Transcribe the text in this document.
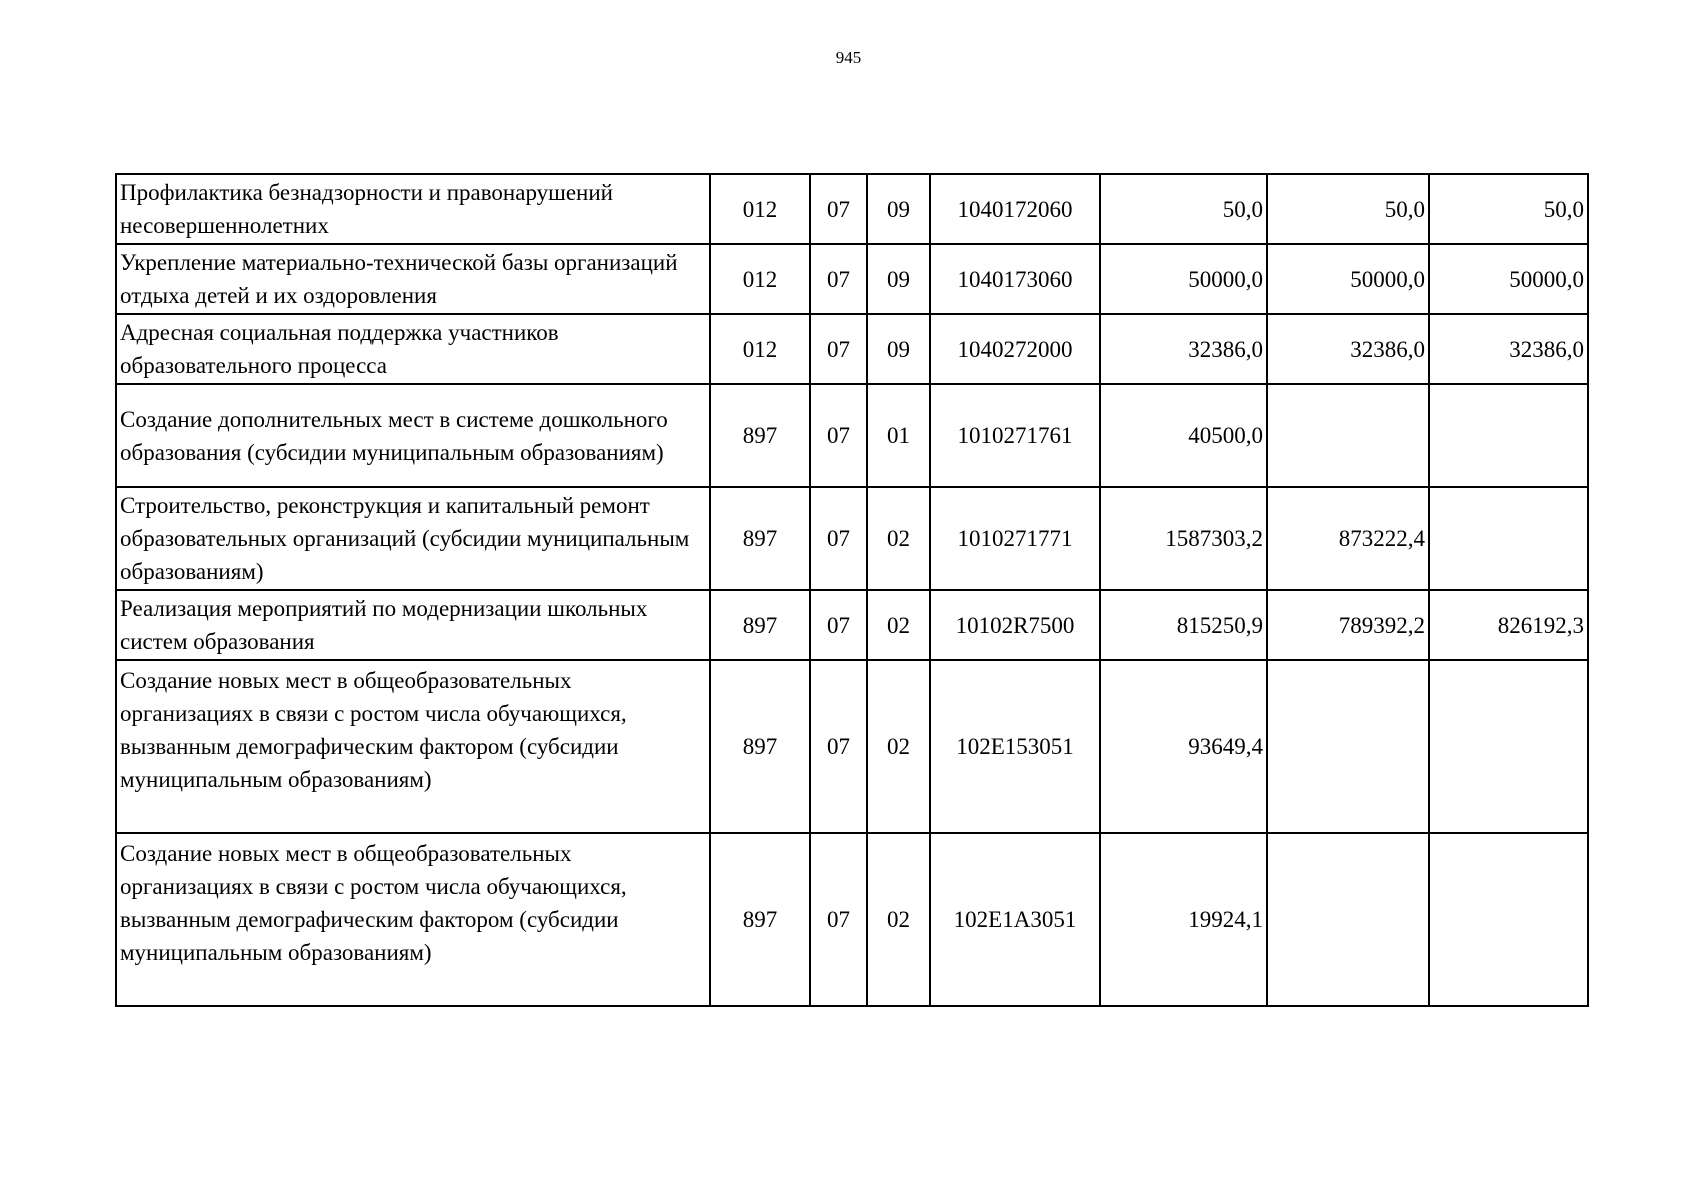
945
Профилактика безнадзорности и правонарушений несовершеннолетних	012	07	09	1040172060	50,0	50,0	50,0
Укрепление материально-технической базы организаций отдыха детей и их оздоровления	012	07	09	1040173060	50000,0	50000,0	50000,0
Адресная социальная поддержка участников образовательного процесса	012	07	09	1040272000	32386,0	32386,0	32386,0
Создание дополнительных мест в системе дошкольного образования (субсидии муниципальным образованиям)	897	07	01	1010271761	40500,0		
Строительство, реконструкция и капитальный ремонт образовательных организаций (субсидии муниципальным образованиям)	897	07	02	1010271771	1587303,2	873222,4	
Реализация мероприятий по модернизации школьных систем образования	897	07	02	10102R7500	815250,9	789392,2	826192,3
Создание новых мест в общеобразовательных организациях в связи с ростом числа обучающихся, вызванным демографическим фактором (субсидии муниципальным образованиям)	897	07	02	102E153051	93649,4		
Создание новых мест в общеобразовательных организациях в связи с ростом числа обучающихся, вызванным демографическим фактором (субсидии муниципальным образованиям)	897	07	02	102E1A3051	19924,1		
